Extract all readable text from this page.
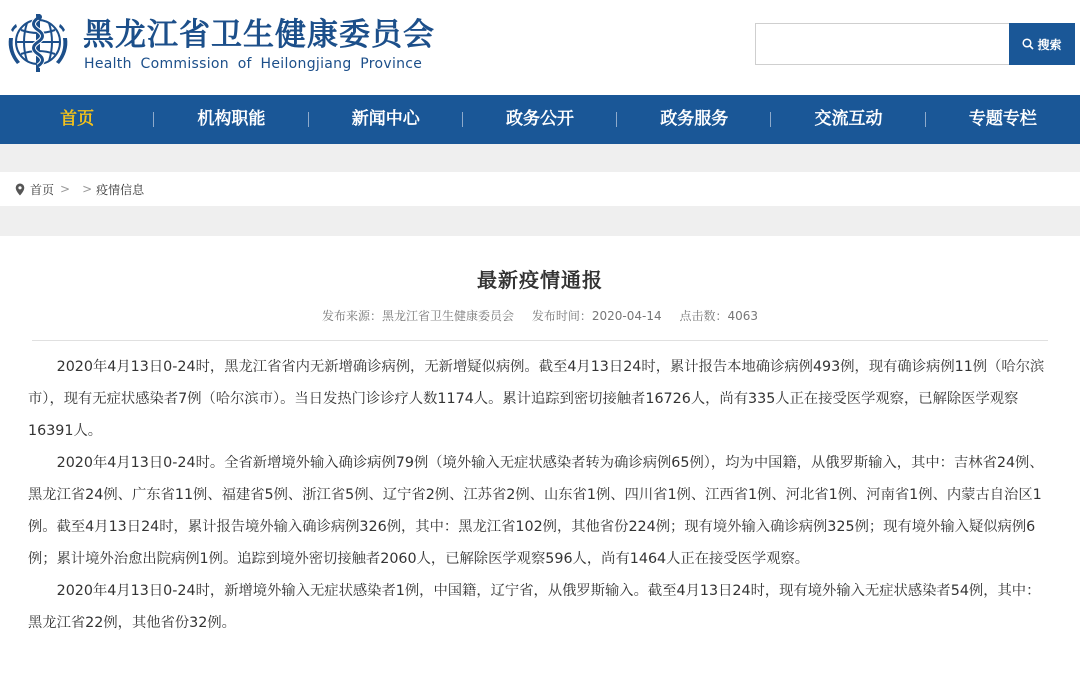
黑龙江省卫生健康委员会
Health Commission of Heilongjiang Province
搜索
首页	机构职能	新闻中心	政务公开	政务服务	交流互动	专题专栏
首页 > > 疫情信息
最新疫情通报
发布来源：黑龙江省卫生健康委员会 发布时间：2020-04-14 点击数：4063

2020年4月13日0-24时，黑龙江省省内无新增确诊病例，无新增疑似病例。截至4月13日24时，累计报告本地确诊病例493例，现有确诊病例11例（哈尔滨市），现有无症状感染者7例（哈尔滨市）。当日发热门诊诊疗人数1174人。累计追踪到密切接触者16726人，尚有335人正在接受医学观察，已解除医学观察16391人。

2020年4月13日0-24时。全省新增境外输入确诊病例79例（境外输入无症状感染者转为确诊病例65例），均为中国籍，从俄罗斯输入，其中：吉林省24例、黑龙江省24例、广东省11例、福建省5例、浙江省5例、辽宁省2例、江苏省2例、山东省1例、四川省1例、江西省1例、河北省1例、河南省1例、内蒙古自治区1例。截至4月13日24时，累计报告境外输入确诊病例326例，其中：黑龙江省102例，其他省份224例；现有境外输入确诊病例325例；现有境外输入疑似病例6例；累计境外治愈出院病例1例。追踪到境外密切接触者2060人，已解除医学观察596人，尚有1464人正在接受医学观察。

2020年4月13日0-24时，新增境外输入无症状感染者1例，中国籍，辽宁省，从俄罗斯输入。截至4月13日24时，现有境外输入无症状感染者54例，其中：黑龙江省22例，其他省份32例。
